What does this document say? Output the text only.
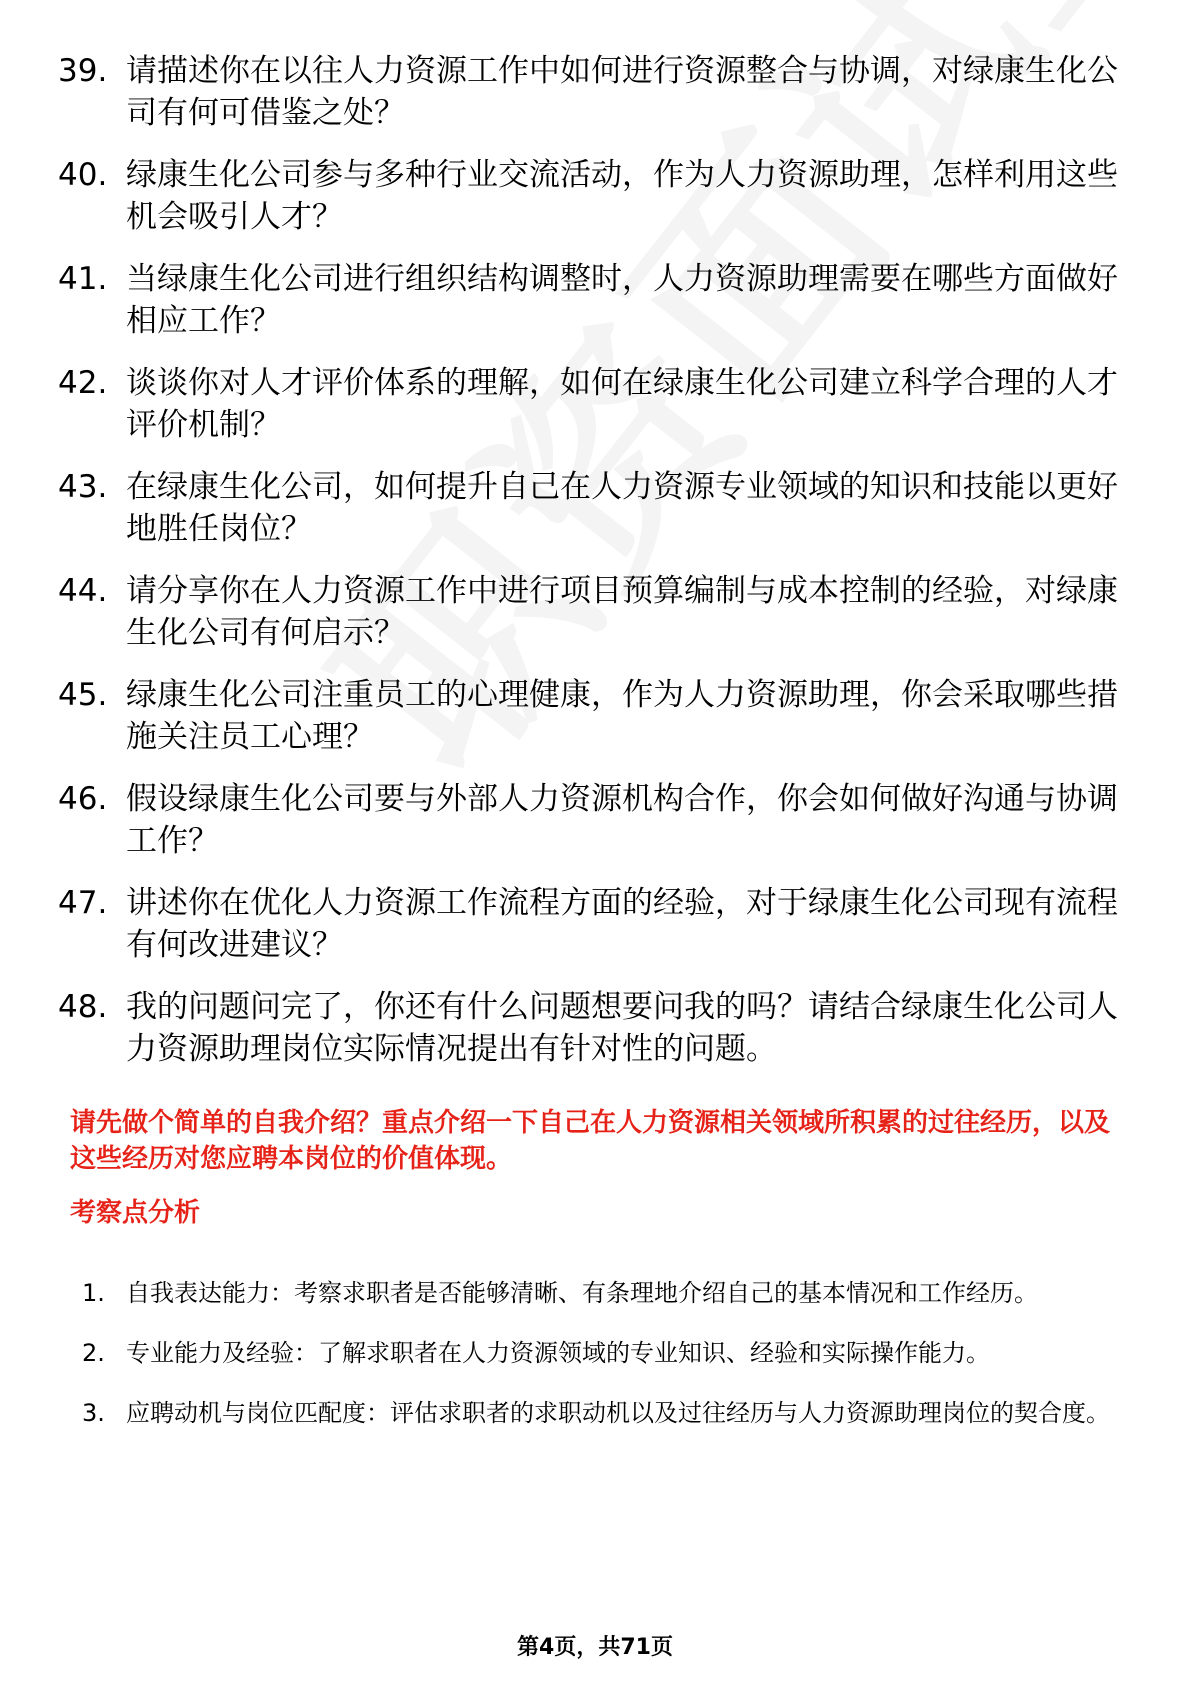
39. 请描述你在以往人力资源工作中如何进行资源整合与协调，对绿康生化公司有何可借鉴之处？
40. 绿康生化公司参与多种行业交流活动，作为人力资源助理，怎样利用这些机会吸引人才？
41. 当绿康生化公司进行组织结构调整时，人力资源助理需要在哪些方面做好相应工作？
42. 谈谈你对人才评价体系的理解，如何在绿康生化公司建立科学合理的人才评价机制？
43. 在绿康生化公司，如何提升自己在人力资源专业领域的知识和技能以更好地胜任岗位？
44. 请分享你在人力资源工作中进行项目预算编制与成本控制的经验，对绿康生化公司有何启示？
45. 绿康生化公司注重员工的心理健康，作为人力资源助理，你会采取哪些措施关注员工心理？
46. 假设绿康生化公司要与外部人力资源机构合作，你会如何做好沟通与协调工作？
47. 讲述你在优化人力资源工作流程方面的经验，对于绿康生化公司现有流程有何改进建议？
48. 我的问题问完了，你还有什么问题想要问我的吗？请结合绿康生化公司人力资源助理岗位实际情况提出有针对性的问题。
请先做个简单的自我介绍？重点介绍一下自己在人力资源相关领域所积累的过往经历，以及这些经历对您应聘本岗位的价值体现。
考察点分析
1. 自我表达能力：考察求职者是否能够清晰、有条理地介绍自己的基本情况和工作经历。
2. 专业能力及经验：了解求职者在人力资源领域的专业知识、经验和实际操作能力。
3. 应聘动机与岗位匹配度：评估求职者的求职动机以及过往经历与人力资源助理岗位的契合度。
第4页，共71页
